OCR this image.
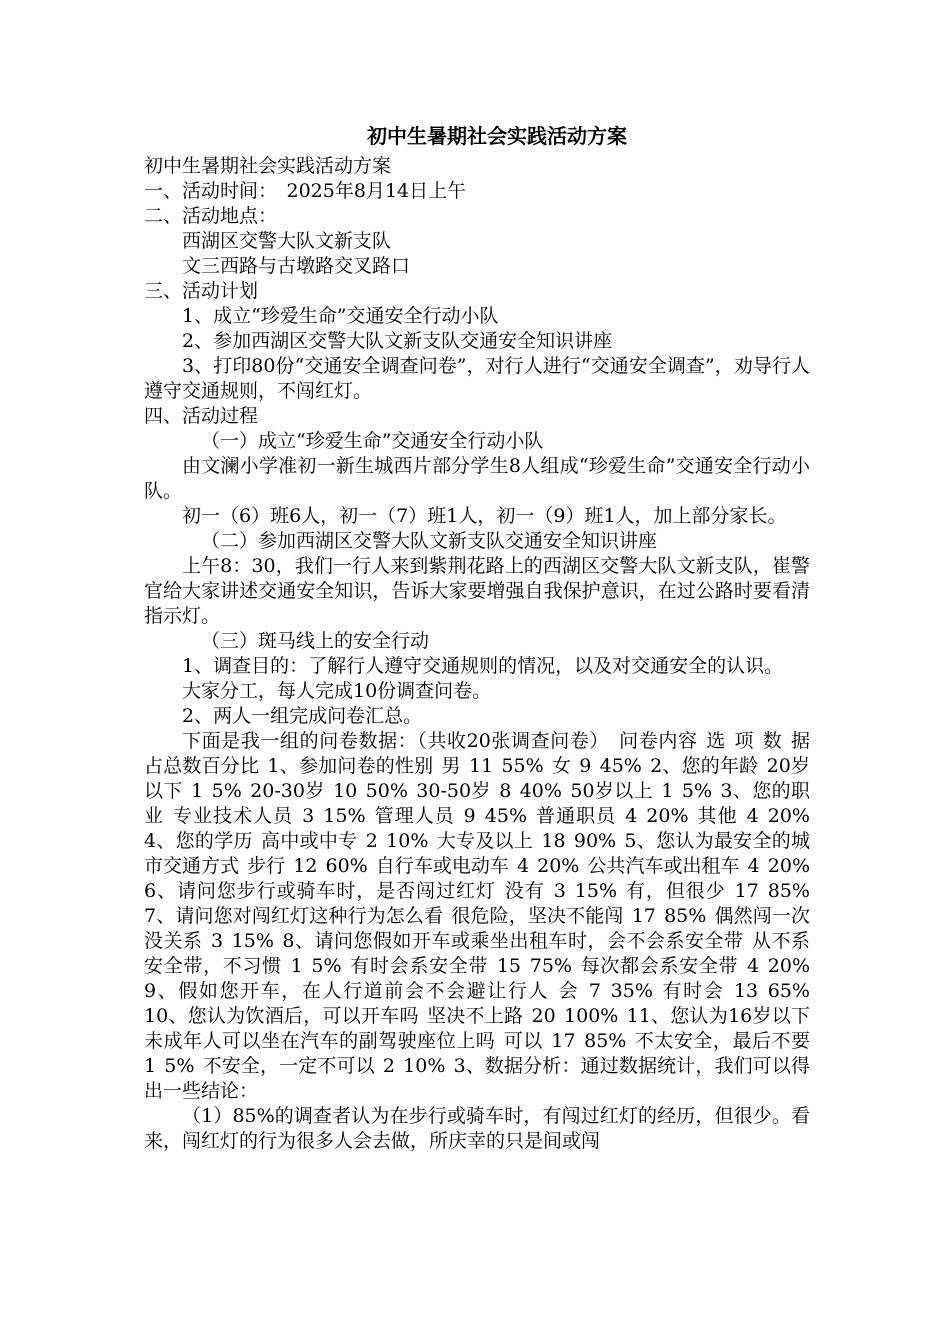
初中生暑期社会实践活动方案

初中生暑期社会实践活动方案

一、活动时间：　2025年8月14日上午

二、活动地点：

西湖区交警大队文新支队

文三西路与古墩路交叉路口

三、活动计划

1、成立“珍爱生命”交通安全行动小队

2、参加西湖区交警大队文新支队交通安全知识讲座

3、打印80份“交通安全调查问卷”，对行人进行“交通安全调查”，劝导行人遵守交通规则，不闯红灯。

四、活动过程

（一）成立“珍爱生命”交通安全行动小队

由文澜小学准初一新生城西片部分学生8人组成“珍爱生命”交通安全行动小队。

初一（6）班6人，初一（7）班1人，初一（9）班1人，加上部分家长。

（二）参加西湖区交警大队文新支队交通安全知识讲座

上午8：30，我们一行人来到紫荆花路上的西湖区交警大队文新支队，崔警官给大家讲述交通安全知识，告诉大家要增强自我保护意识，在过公路时要看清指示灯。

（三）斑马线上的安全行动

1、调查目的：了解行人遵守交通规则的情况，以及对交通安全的认识。

大家分工，每人完成10份调查问卷。

2、两人一组完成问卷汇总。

下面是我一组的问卷数据：（共收20张调查问卷）　问卷内容 选 项 数 据 占总数百分比 1、参加问卷的性别 男 11 55% 女 9 45% 2、您的年龄 20岁以下 1 5% 20-30岁 10 50% 30-50岁 8 40% 50岁以上 1 5% 3、您的职业 专业技术人员 3 15% 管理人员 9 45% 普通职员 4 20% 其他 4 20% 4、您的学历 高中或中专 2 10% 大专及以上 18 90% 5、您认为最安全的城市交通方式 步行 12 60% 自行车或电动车 4 20% 公共汽车或出租车 4 20% 6、请问您步行或骑车时，是否闯过红灯 没有 3 15% 有，但很少 17 85% 7、请问您对闯红灯这种行为怎么看 很危险，坚决不能闯 17 85% 偶然闯一次没关系 3 15% 8、请问您假如开车或乘坐出租车时，会不会系安全带 从不系安全带，不习惯 1 5% 有时会系安全带 15 75% 每次都会系安全带 4 20% 9、假如您开车，在人行道前会不会避让行人 会 7 35% 有时会 13 65% 10、您认为饮酒后，可以开车吗 坚决不上路 20 100% 11、您认为16岁以下未成年人可以坐在汽车的副驾驶座位上吗 可以 17 85% 不太安全，最后不要 1 5% 不安全，一定不可以 2 10% 3、数据分析：通过数据统计，我们可以得出一些结论：

（1）85%的调查者认为在步行或骑车时，有闯过红灯的经历，但很少。看来，闯红灯的行为很多人会去做，所庆幸的只是间或闯
